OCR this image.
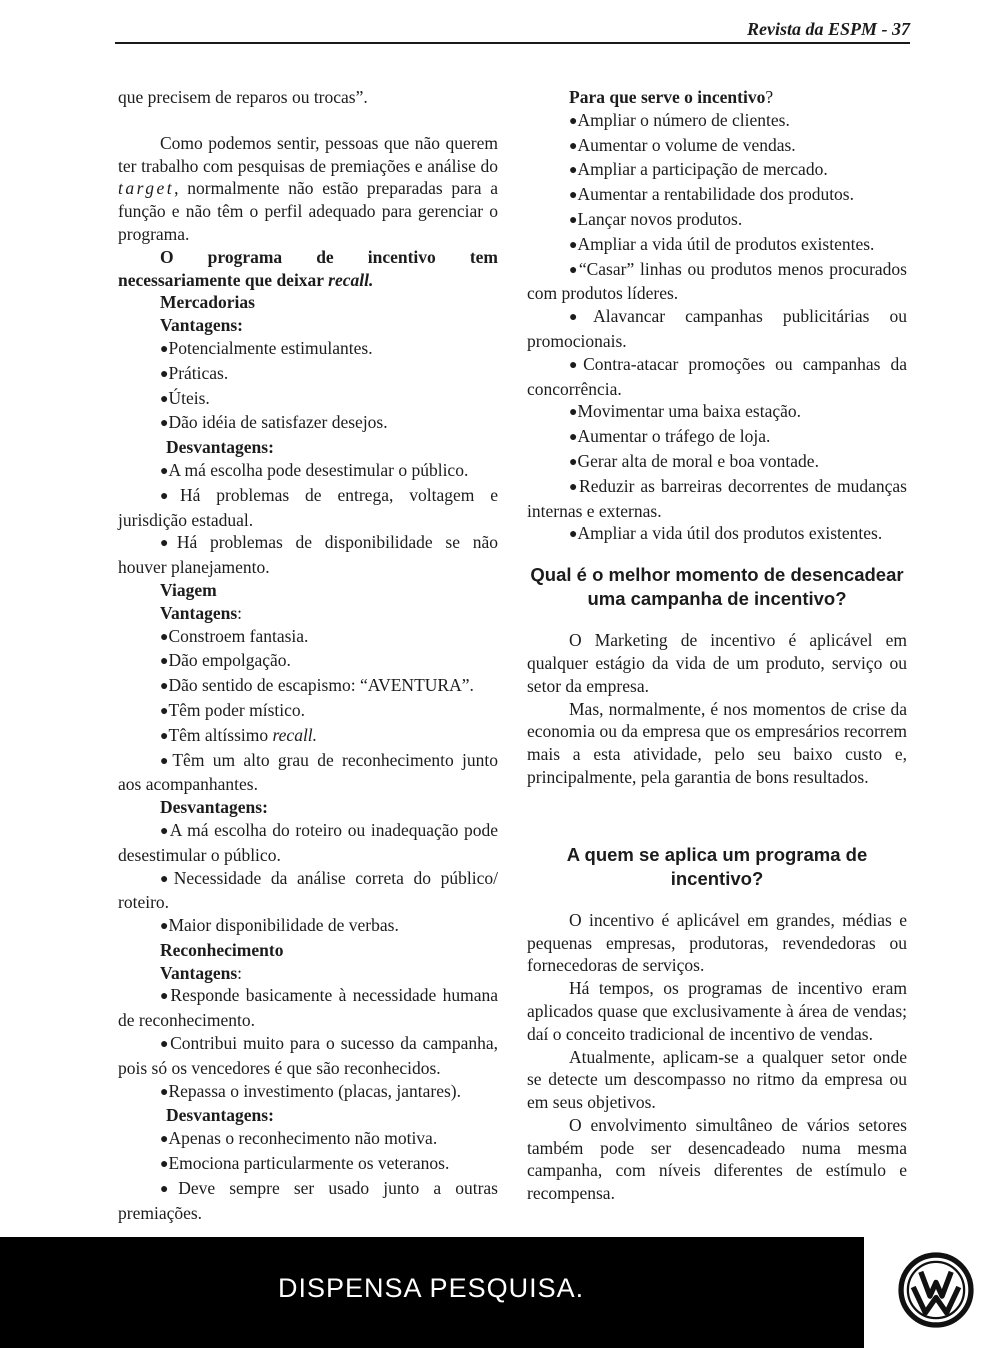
Revista da ESPM - 37

que precisem de reparos ou trocas”.

Como podemos sentir, pessoas que não querem ter trabalho com pesquisas de premiações e análise do target, normalmente não estão preparadas para a função e não têm o perfil adequado para gerenciar o programa.

O programa de incentivo tem necessariamente que deixar recall.

Mercadorias

Vantagens:

●Potencialmente estimulantes.

●Práticas.

●Úteis.

●Dão idéia de satisfazer desejos.

Desvantagens:

●A má escolha pode desestimular o público.

●Há problemas de entrega, voltagem e jurisdição estadual.

●Há problemas de disponibilidade se não houver planejamento.

Viagem

Vantagens:

●Constroem fantasia.

●Dão empolgação.

●Dão sentido de escapismo: “AVENTURA”.

●Têm poder místico.

●Têm altíssimo recall.

●Têm um alto grau de reconhecimento junto aos acompanhantes.

Desvantagens:

●A má escolha do roteiro ou inadequação pode desestimular o público.

●Necessidade da análise correta do público/ roteiro.

●Maior disponibilidade de verbas.

Reconhecimento

Vantagens:

●Responde basicamente à necessidade humana de reconhecimento.

●Contribui muito para o sucesso da campanha, pois só os vencedores é que são reconhecidos.

●Repassa o investimento (placas, jantares).

Desvantagens:

●Apenas o reconhecimento não motiva.

●Emociona particularmente os veteranos.

●Deve sempre ser usado junto a outras premiações.

Para que serve o incentivo?

●Ampliar o número de clientes.

●Aumentar o volume de vendas.

●Ampliar a participação de mercado.

●Aumentar a rentabilidade dos produtos.

●Lançar novos produtos.

●Ampliar a vida útil de produtos existentes.

●“Casar” linhas ou produtos menos procurados com produtos líderes.

●Alavancar campanhas publicitárias ou promocionais.

●Contra-atacar promoções ou campanhas da concorrência.

●Movimentar uma baixa estação.

●Aumentar o tráfego de loja.

●Gerar alta de moral e boa vontade.

●Reduzir as barreiras decorrentes de mudanças internas e externas.

●Ampliar a vida útil dos produtos existentes.

Qual é o melhor momento de desencadear uma campanha de incentivo?

O Marketing de incentivo é aplicável em qualquer estágio da vida de um produto, serviço ou setor da empresa.

Mas, normalmente, é nos momentos de crise da economia ou da empresa que os empresários recorrem mais a esta atividade, pelo seu baixo custo e, principalmente, pela garantia de bons resultados.

A quem se aplica um programa de incentivo?

O incentivo é aplicável em grandes, médias e pequenas empresas, produtoras, revendedoras ou fornecedoras de serviços.

Há tempos, os programas de incentivo eram aplicados quase que exclusivamente à área de vendas; daí o conceito tradicional de incentivo de vendas.

Atualmente, aplicam-se a qualquer setor onde se detecte um descompasso no ritmo da empresa ou em seus objetivos.

O envolvimento simultâneo de vários setores também pode ser desencadeado numa mesma campanha, com níveis diferentes de estímulo e recompensa.

DISPENSA PESQUISA.
